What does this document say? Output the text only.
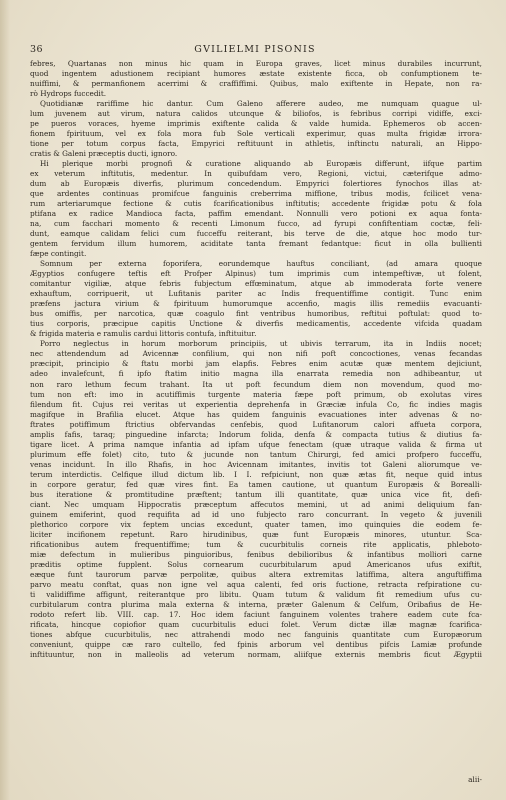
36	GVILIELMI PISONIS
febres, Quartanas non minus hic quam in Europa graves, licet minus durabiles incurrunt,
quod ingentem adustionem recipiant humores æstate existente ficca, ob confumptionem te-
nuiffimi, & permanfionem acerrimi & craffiffimi. Quibus, malo exiftente in Hepate, non ra-
rò Hydrops fuccedit.
Quotidianæ rariffime hic dantur. Cum Galeno afferere audeo, me numquam quague ul-
lum juvenem aut virum, natura calidos utcunque & biliofos, is febribus corripi vidiffe, exci-
pe pueros voraces, hyeme imprimis exiftente calida & valde humida. Ephemeros ob accen-
fionem fpirituum, vel ex fola mora fub Sole verticali experimur, quas multa frigidæ irrora-
tione per totum corpus facta, Empyrici reftituunt in athletis, inftinctu naturali, an Hippo-
cratis & Galeni præceptis ducti, ignoro.
Hi plerique morbi prognofi & curatione aliquando ab Europæis differunt, iifque partim
ex veterum inftitutis, medentur. In quibufdam vero, Regioni, victui, cæterifque admo-
dum ab Europæis diverfis, plurimum concedendum. Empyrici folertiores fynochos illas at-
que ardentes continuas promifcue fanguinis creberrima miffione, tribus modis, fcilicet vena-
rum arteriarumque fectione & cutis fcarificationibus inftitutis; accedente frigidæ potu & fola
ptifana ex radice Mandioca facta, paffim emendant. Nonnulli vero potioni ex aqua fonta-
na, cum facchari momento & recenti Limonum fucco, ad fyrupi confiftentiam coctæ, feli-
dunt, eamque calidam felici cum fucceffu reiterant, bis terve de die, atque hoc modo tur-
gentem fervidum illum humorem, aciditate tanta fremant fedantque: ficut in olla bullienti
fæpe contingit.
Somnum per externa foporifera, eorundemque hauftus conciliant, (ad amara quoque
Ægyptios confugere teftis eft Profper Alpinus) tum imprimis cum intempeftivæ, ut folent,
comitantur vigiliæ, atque febris fubjectum effœminatum, atque ab immoderata forte venere
exhauftum, corripuerit, ut Lufitanis pariter ac Indis frequentiffime contigit. Tunc enim
præfens jactura virium & fpirituum humorumque accenfio, magis illis remediis evacuanti-
bus omiffis, per narcotica, quæ coagulo fint ventribus humoribus, reftitui poftulat: quod to-
tius corporis, præcipue capitis Unctione & diverfis medicamentis, accedente vifcida quadam
& frigida materia e ramulis cardui littoris contufa, inftituitur.
Porro neglectus in horum morborum principiis, ut ubivis terrarum, ita in Indiis nocet;
nec attendendum ad Avicennæ confilium, qui non nifi poft concoctiones, venas fecandas
præcipit, principio & ftatu morbi jam elapfis. Febres enim acutæ quæ mentem dejiciunt,
adeo invalefcunt, fi ipfo ftatim initio magna illa enarrata remedia non adhibeantur, ut
non raro lethum fecum trahant. Ita ut poft fecundum diem non movendum, quod mo-
tum non eft: imo in acutiffimis turgente materia fæpe poft primum, ob exolutas vires
filendum fit. Cujus rei veritas ut experientia deprehenfa in Græciæ infula Co, fic indies magis
magifque in Brafilia elucet. Atque has quidem fanguinis evacuationes inter advenas & no-
ftrates potiffimum ftrictius obfervandas cenfebis, quod Lufitanorum calori affueta corpora,
amplis fafis, taraq; pinguedine infarcta; Indorum folida, denfa & compacta tutius & diutius fa-
tigare licet. A prima namque infantia ad ipfam ufque fenectam (quæ utraque valida & firma ut
plurimum effe folet) cito, tuto & jucunde non tantum Chirurgi, fed amici profpero fucceffu,
venas incidunt. In illo Rhafis, in hoc Avicennam imitantes, invitis tot Galeni aliorumque ve-
terum interdictis. Celfique illud dictum lib. I I. refpiciunt, non quæ ætas fit, neque quid intus
in corpore geratur, fed quæ vires fint. Ea tamen cautione, ut quantum Europæis & Borealli-
bus iteratione & promtitudine præftent; tantum illi quantitate, quæ unica vice fit, defi-
ciant. Nec umquam Hippocratis præceptum affecutos memini, ut ad animi deliquium fan-
guinem emiferint, quod requifita ad id uno fubjecto raro concurrant. In vegeto & juvenili
plethorico corpore vix feptem uncias excedunt, quater tamen, imo quinquies die eodem fe-
liciter incifionem repetunt. Raro hirudinibus, quæ funt Europæis minores, utuntur. Sca-
rificationibus autem frequentiffime; tum & cucurbitulis corneis rite applicatis, phleboto-
miæ defectum in mulieribus pinguioribus, fenibus debilioribus & infantibus molliori carne
præditis optime fupplent. Solus cornearum cucurbitularum apud Americanos ufus exiftit,
eæque funt taurorum parvæ perpolitæ, quibus altera extremitas latiffima, altera anguftiffima
parvo meatu conftat, quas non igne vel aqua calenti, fed oris fuctione, retracta refpiratione cu-
ti validiffime affigunt, reiterantque pro libitu. Quam tutum & validum fit remedium ufus cu-
curbitularum contra plurima mala externa & interna, præter Galenum & Celfum, Oribafius de He-
rodoto refert lib. VIII. cap. 17. Hoc idem faciunt fanguinem volentes trahere eadem cute fca-
rificata, hincque copiofior quam cucurbitulis educi folet. Verum dictæ illæ magnæ fcarifica-
tiones abfque cucurbitulis, nec attrahendi modo nec fanguinis quantitate cum Europæorum
conveniunt, quippe cæ raro cultello, fed fpinis arborum vel dentibus pifcis Lamiæ profunde
inftituuntur, non in malleolis ad veterum normam, aliifque externis membris ficut Ægyptii
alii-
